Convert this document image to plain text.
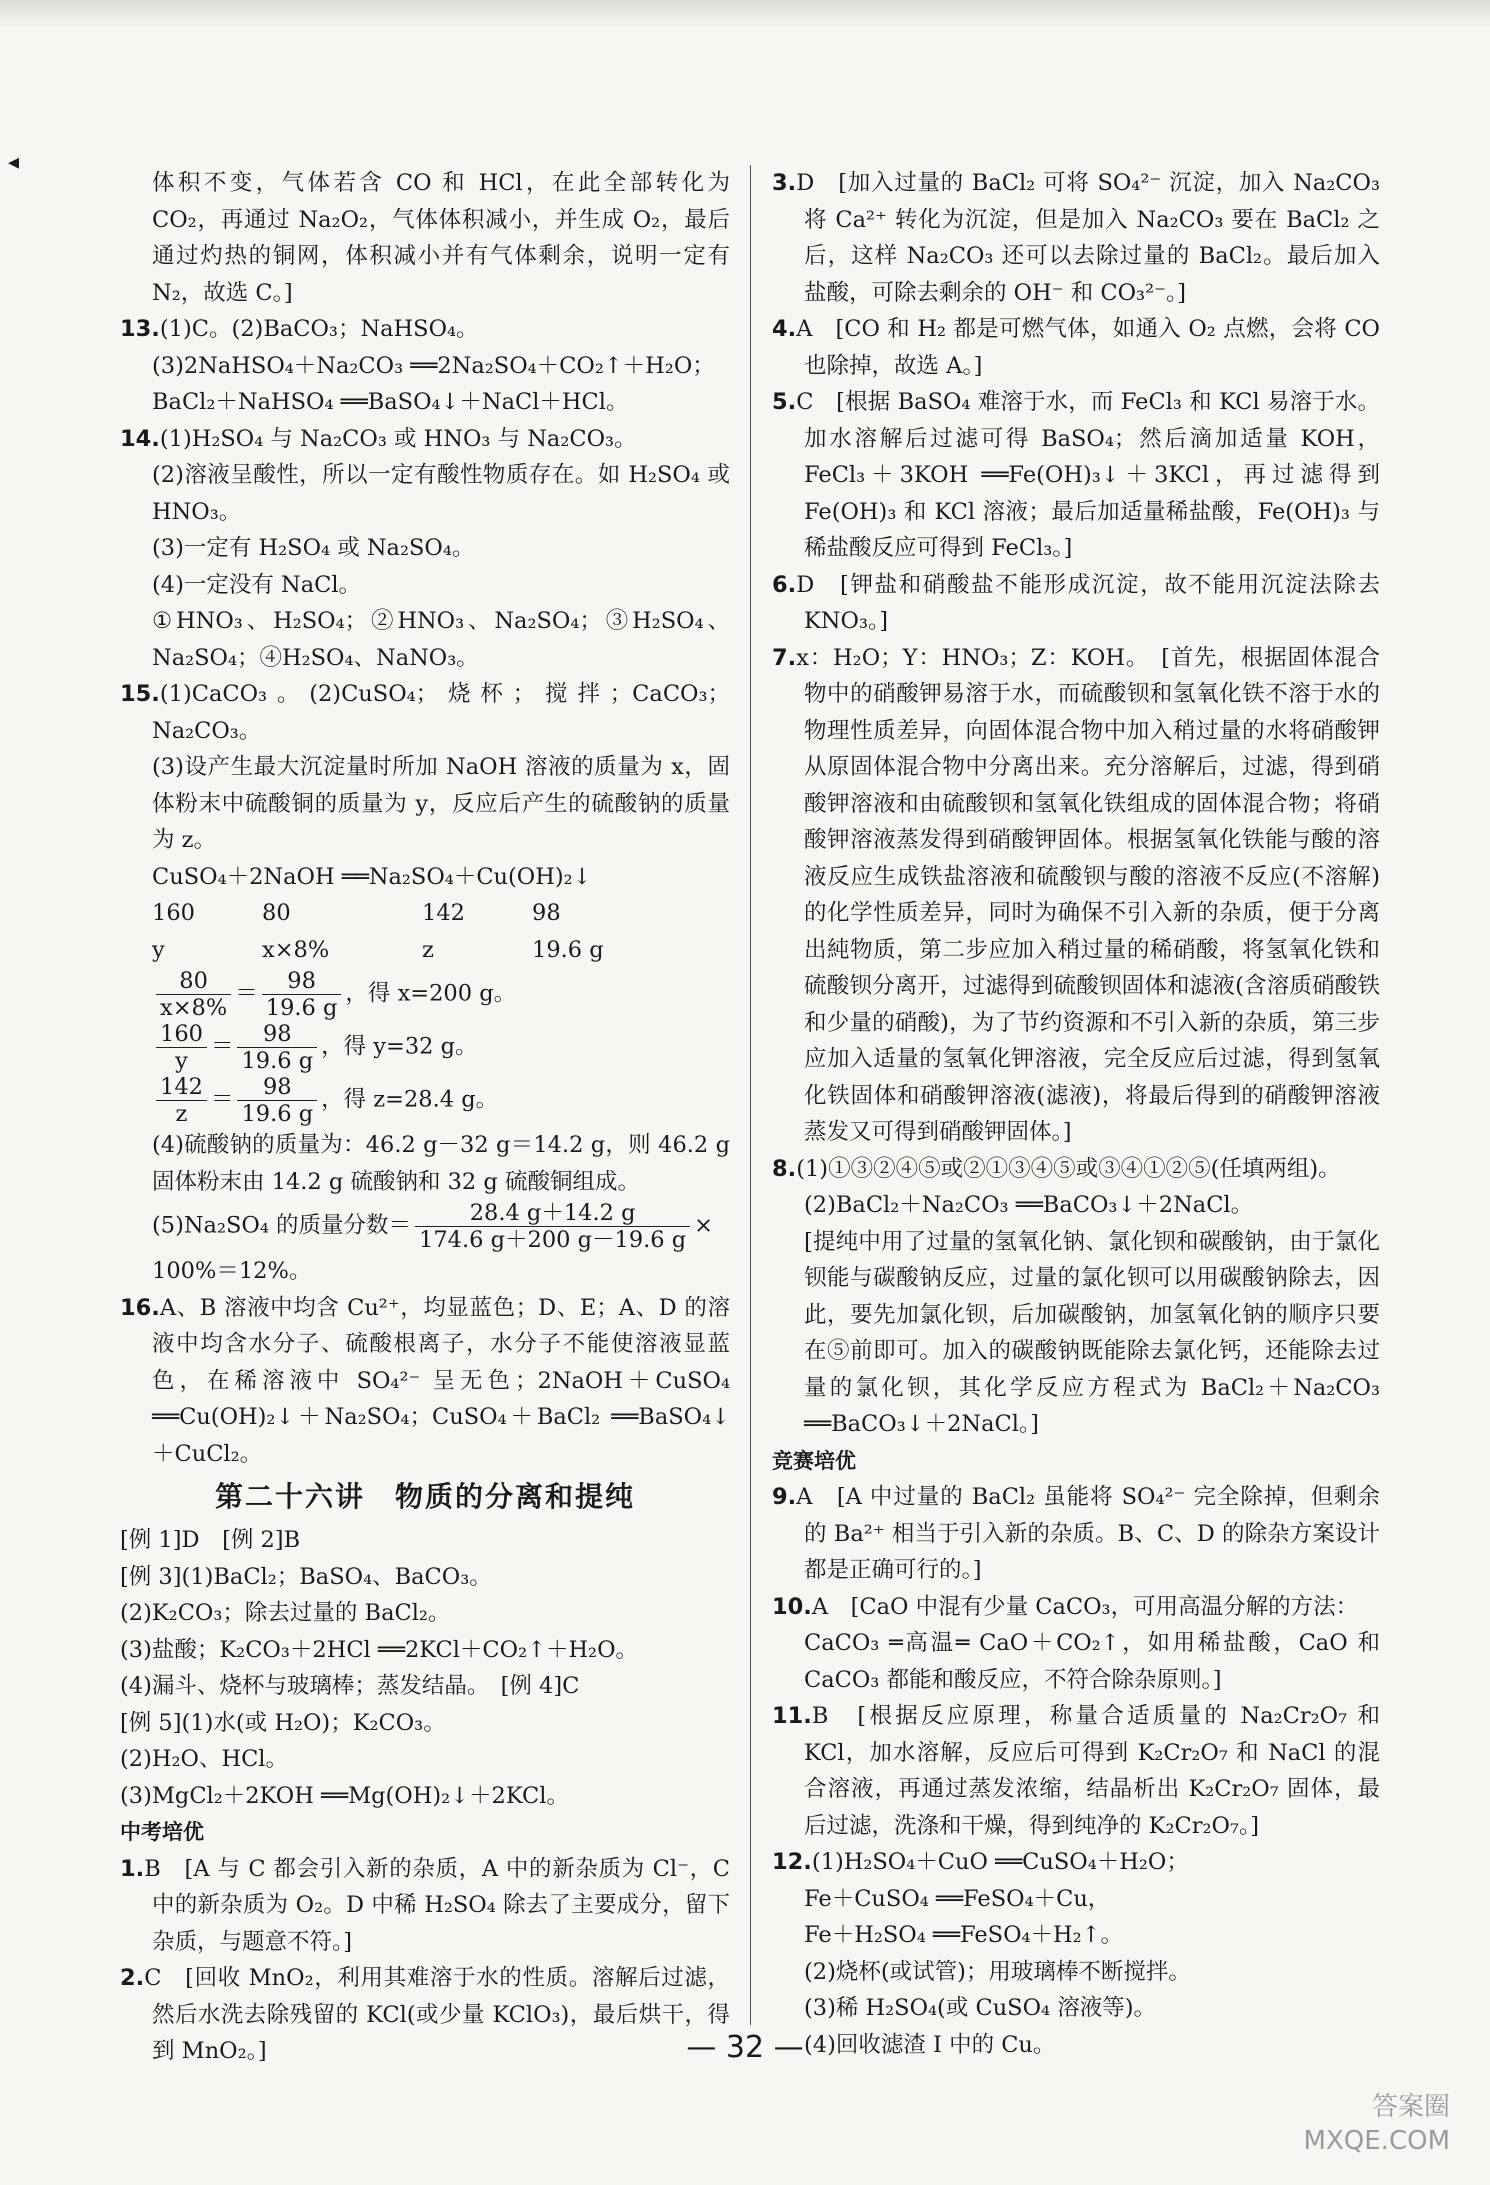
◂

体积不变，气体若含 CO 和 HCl，在此全部转化为 CO₂，再通过 Na₂O₂，气体体积减小，并生成 O₂，最后通过灼热的铜网，体积减小并有气体剩余，说明一定有 N₂，故选 C。]

13.(1)C。(2)BaCO₃；NaHSO₄。

(3)2NaHSO₄＋Na₂CO₃ ══2Na₂SO₄＋CO₂↑＋H₂O；

BaCl₂＋NaHSO₄ ══BaSO₄↓＋NaCl＋HCl。

14.(1)H₂SO₄ 与 Na₂CO₃ 或 HNO₃ 与 Na₂CO₃。

(2)溶液呈酸性，所以一定有酸性物质存在。如 H₂SO₄ 或 HNO₃。

(3)一定有 H₂SO₄ 或 Na₂SO₄。

(4)一定没有 NaCl。

①HNO₃、H₂SO₄；②HNO₃、Na₂SO₄；③H₂SO₄、Na₂SO₄；④H₂SO₄、NaNO₃。

15.(1)CaCO₃。(2)CuSO₄；烧杯；搅拌；CaCO₃；Na₂CO₃。

(3)设产生最大沉淀量时所加 NaOH 溶液的质量为 x，固体粉末中硫酸铜的质量为 y，反应后产生的硫酸钠的质量为 z。

CuSO₄＋2NaOH ══Na₂SO₄＋Cu(OH)₂↓

160	80	142	98
y	x×8%	z	19.6 g
$\frac{80}{x\times 8\%} = \frac{98}{19.6 g}$ ，得 x=200 g。
$\frac{160}{y} = \frac{98}{19.6 g}$ ，得 y=32 g。
$\frac{142}{z} = \frac{98}{19.6 g}$ ，得 z=28.4 g。

(4)硫酸钠的质量为：46.2 g－32 g＝14.2 g，则 46.2 g 固体粉末由 14.2 g 硫酸钠和 32 g 硫酸铜组成。

(5)Na₂SO₄ 的质量分数＝ $\frac{28.4 g+14.2 g}{174.6 g+200 g-19.6 g}$ ×

100%＝12%。

16.A、B 溶液中均含 Cu²⁺，均显蓝色；D、E；A、D 的溶液中均含水分子、硫酸根离子，水分子不能使溶液显蓝色，在稀溶液中 SO₄²⁻ 呈无色；2NaOH＋CuSO₄ ══Cu(OH)₂↓＋Na₂SO₄；CuSO₄＋BaCl₂ ══BaSO₄↓＋CuCl₂。

第二十六讲　物质的分离和提纯

[例 1]D　[例 2]B

[例 3](1)BaCl₂；BaSO₄、BaCO₃。

(2)K₂CO₃；除去过量的 BaCl₂。

(3)盐酸；K₂CO₃＋2HCl ══2KCl＋CO₂↑＋H₂O。

(4)漏斗、烧杯与玻璃棒；蒸发结晶。　[例 4]C

[例 5](1)水(或 H₂O)；K₂CO₃。

(2)H₂O、HCl。

(3)MgCl₂＋2KOH ══Mg(OH)₂↓＋2KCl。

中考培优

1.B　[A 与 C 都会引入新的杂质，A 中的新杂质为 Cl⁻，C 中的新杂质为 O₂。D 中稀 H₂SO₄ 除去了主要成分，留下杂质，与题意不符。]

2.C　[回收 MnO₂，利用其难溶于水的性质。溶解后过滤，然后水洗去除残留的 KCl(或少量 KClO₃)，最后烘干，得到 MnO₂。]

3.D　[加入过量的 BaCl₂ 可将 SO₄²⁻ 沉淀，加入 Na₂CO₃ 将 Ca²⁺ 转化为沉淀，但是加入 Na₂CO₃ 要在 BaCl₂ 之后，这样 Na₂CO₃ 还可以去除过量的 BaCl₂。最后加入盐酸，可除去剩余的 OH⁻ 和 CO₃²⁻。]

4.A　[CO 和 H₂ 都是可燃气体，如通入 O₂ 点燃，会将 CO 也除掉，故选 A。]

5.C　[根据 BaSO₄ 难溶于水，而 FeCl₃ 和 KCl 易溶于水。加水溶解后过滤可得 BaSO₄；然后滴加适量 KOH，FeCl₃＋3KOH ══Fe(OH)₃↓＋3KCl，再过滤得到 Fe(OH)₃ 和 KCl 溶液；最后加适量稀盐酸，Fe(OH)₃ 与稀盐酸反应可得到 FeCl₃。]

6.D　[钾盐和硝酸盐不能形成沉淀，故不能用沉淀法除去 KNO₃。]

7.x：H₂O；Y：HNO₃；Z：KOH。　[首先，根据固体混合物中的硝酸钾易溶于水，而硫酸钡和氢氧化铁不溶于水的物理性质差异，向固体混合物中加入稍过量的水将硝酸钾从原固体混合物中分离出来。充分溶解后，过滤，得到硝酸钾溶液和由硫酸钡和氢氧化铁组成的固体混合物；将硝酸钾溶液蒸发得到硝酸钾固体。根据氢氧化铁能与酸的溶液反应生成铁盐溶液和硫酸钡与酸的溶液不反应(不溶解)的化学性质差异，同时为确保不引入新的杂质，便于分离出純物质，第二步应加入稍过量的稀硝酸，将氢氧化铁和硫酸钡分离开，过滤得到硫酸钡固体和滤液(含溶质硝酸铁和少量的硝酸)，为了节约资源和不引入新的杂质，第三步应加入适量的氢氧化钾溶液，完全反应后过滤，得到氢氧化铁固体和硝酸钾溶液(滤液)，将最后得到的硝酸钾溶液蒸发又可得到硝酸钾固体。]

8.(1)①③②④⑤或②①③④⑤或③④①②⑤(任填两组)。

(2)BaCl₂＋Na₂CO₃ ══BaCO₃↓＋2NaCl。

[提纯中用了过量的氢氧化钠、氯化钡和碳酸钠，由于氯化钡能与碳酸钠反应，过量的氯化钡可以用碳酸钠除去，因此，要先加氯化钡，后加碳酸钠，加氢氧化钠的顺序只要在⑤前即可。加入的碳酸钠既能除去氯化钙，还能除去过量的氯化钡，其化学反应方程式为 BaCl₂＋Na₂CO₃ ══BaCO₃↓＋2NaCl。]

竞赛培优

9.A　[A 中过量的 BaCl₂ 虽能将 SO₄²⁻ 完全除掉，但剩余的 Ba²⁺ 相当于引入新的杂质。B、C、D 的除杂方案设计都是正确可行的。]

10.A　[CaO 中混有少量 CaCO₃，可用高温分解的方法：

CaCO₃ ═高温═ CaO＋CO₂↑，如用稀盐酸，CaO 和 CaCO₃ 都能和酸反应，不符合除杂原则。]

11.B　[根据反应原理，称量合适质量的 Na₂Cr₂O₇ 和 KCl，加水溶解，反应后可得到 K₂Cr₂O₇ 和 NaCl 的混合溶液，再通过蒸发浓缩，结晶析出 K₂Cr₂O₇ 固体，最后过滤，洗涤和干燥，得到纯净的 K₂Cr₂O₇。]

12.(1)H₂SO₄＋CuO ══CuSO₄＋H₂O；

Fe＋CuSO₄ ══FeSO₄＋Cu，

Fe＋H₂SO₄ ══FeSO₄＋H₂↑。

(2)烧杯(或试管)；用玻璃棒不断搅拌。

(3)稀 H₂SO₄(或 CuSO₄ 溶液等)。

(4)回收滤渣 Ⅰ 中的 Cu。

— 32 —
答案圈
MXQE.COM
